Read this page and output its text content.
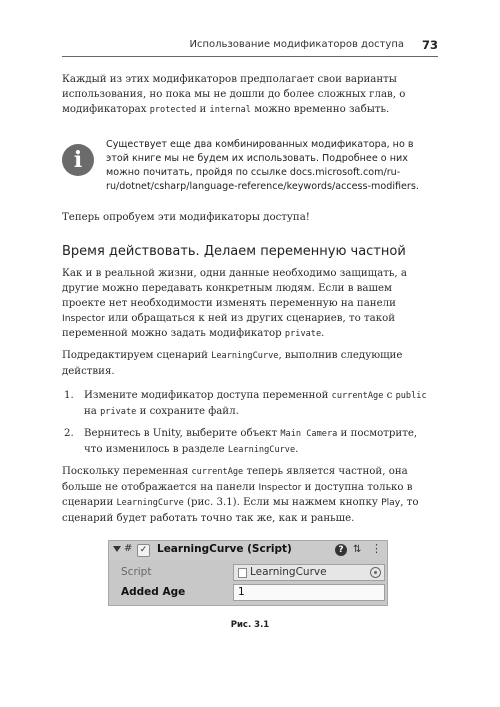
Использование модификаторов доступа 73

Каждый из этих модификаторов предполагает свои варианты использования, но пока мы не дошли до более сложных глав, о модификаторах protected и internal можно временно забыть.

i
Существует еще два комбинированных модификатора, но в этой книге мы не будем их использовать. Подробнее о них можно почитать, пройдя по ссылке docs.microsoft.com/ru-ru/dotnet/csharp/language-reference/keywords/access-modifiers.

Теперь опробуем эти модификаторы доступа!

Время действовать. Делаем переменную частной

Как и в реальной жизни, одни данные необходимо защищать, а другие можно передавать конкретным людям. Если в вашем проекте нет необходимости изменять переменную на панели Inspector или обращаться к ней из других сценариев, то такой переменной можно задать модификатор private.

Подредактируем сценарий LearningCurve, выполнив следующие действия.

1. Измените модификатор доступа переменной currentAge с public на private и сохраните файл.
2. Вернитесь в Unity, выберите объект Main Camera и посмотрите, что изменилось в разделе LearningCurve.

Поскольку переменная currentAge теперь является частной, она больше не отображается на панели Inspector и доступна только в сценарии LearningCurve (рис. 3.1). Если мы нажмем кнопку Play, то сценарий будет работать точно так же, как и раньше.

# ✓ LearningCurve (Script)	? ⇅ ⋮
Script	LearningCurve
Added Age	1
Рис. 3.1
